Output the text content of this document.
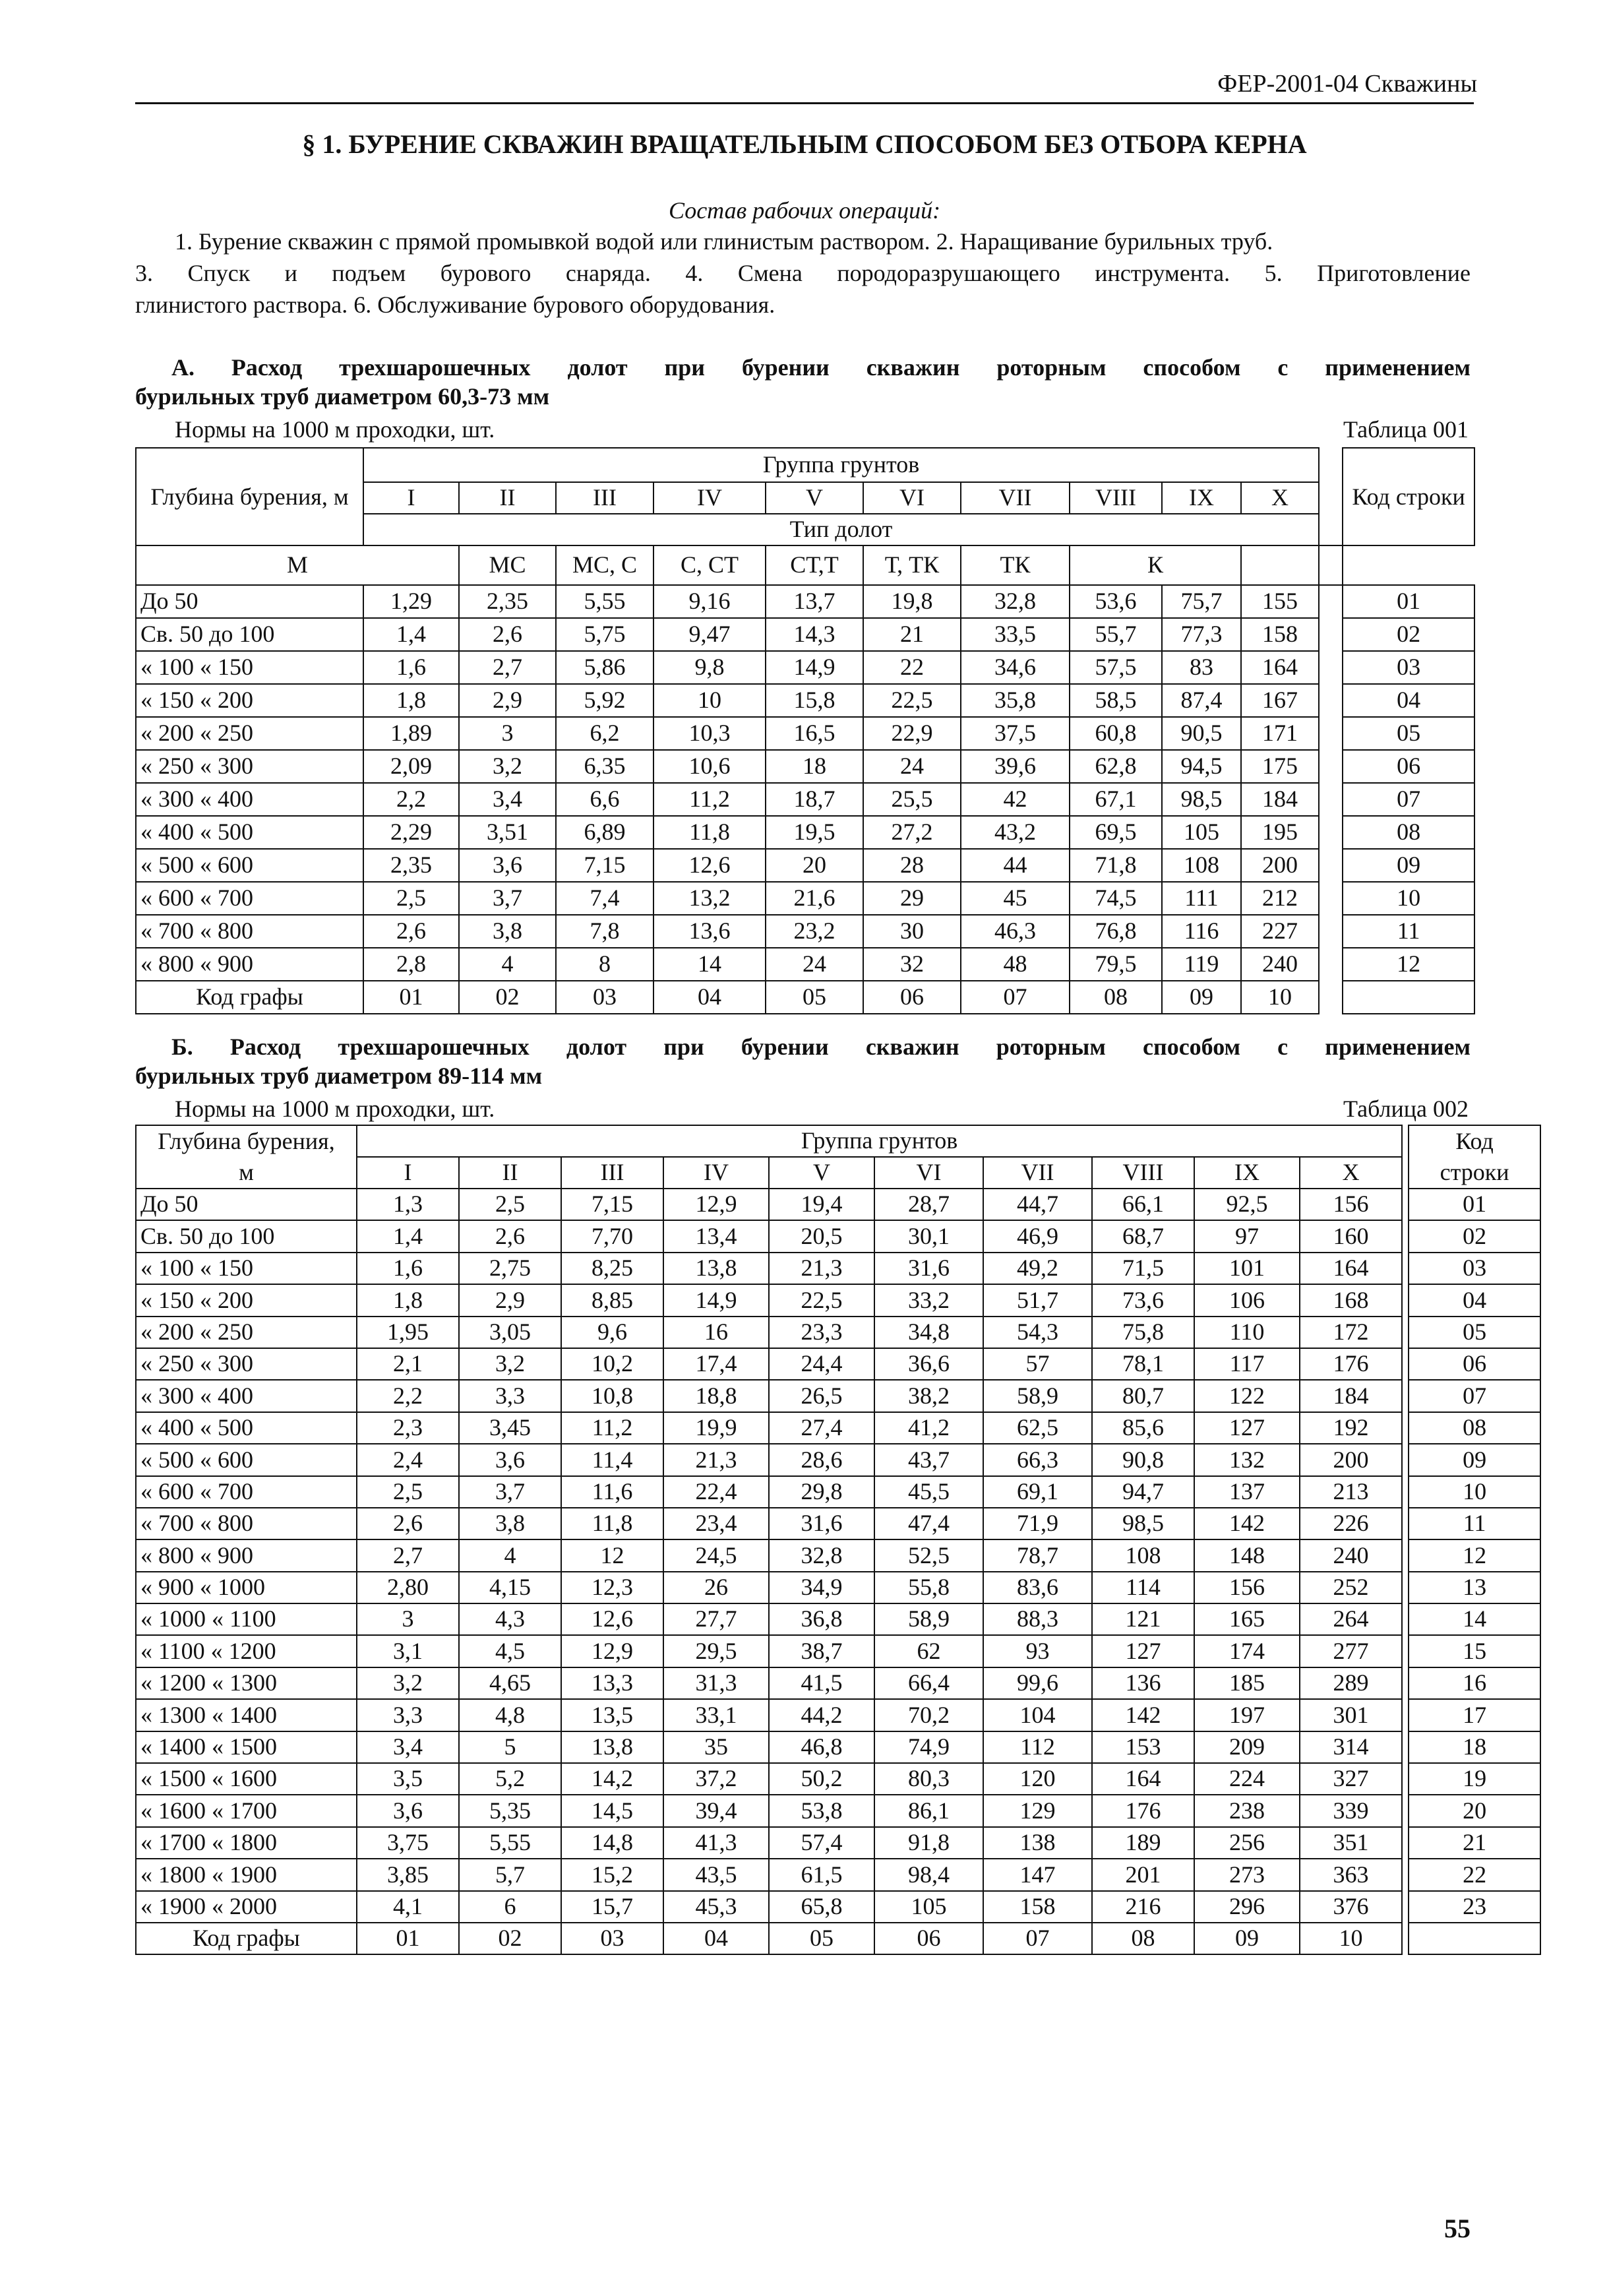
ФЕР-2001-04 Скважины
§ 1. БУРЕНИЕ СКВАЖИН ВРАЩАТЕЛЬНЫМ СПОСОБОМ БЕЗ ОТБОРА КЕРНА
Состав рабочих операций:

1. Бурение скважин с прямой промывкой водой или глинистым раствором. 2. Наращивание бурильных труб.

3. Спуск и подъем бурового снаряда. 4. Смена породоразрушающего инструмента. 5. Приготовление

глинистого раствора. 6. Обслуживание бурового оборудования.

А. Расход трехшарошечных долот при бурении скважин роторным способом с применением
бурильных труб диаметром 60,3-73 мм
Нормы на 1000 м проходки, шт.	Таблица 001
Глубина бурения, м	Группа грунтов											Код строки
	I	II	III	IV	V	VI	VII	VIII	IX	X		
	Тип долот											
М		МС	МС, С	С, СТ	СТ,Т	Т, ТК	ТК	К				
До 50	1,29	2,35	5,55	9,16	13,7	19,8	32,8	53,6	75,7	155		01
Св. 50 до 100	1,4	2,6	5,75	9,47	14,3	21	33,5	55,7	77,3	158		02
« 100 « 150	1,6	2,7	5,86	9,8	14,9	22	34,6	57,5	83	164		03
« 150 « 200	1,8	2,9	5,92	10	15,8	22,5	35,8	58,5	87,4	167		04
« 200 « 250	1,89	3	6,2	10,3	16,5	22,9	37,5	60,8	90,5	171		05
« 250 « 300	2,09	3,2	6,35	10,6	18	24	39,6	62,8	94,5	175		06
« 300 « 400	2,2	3,4	6,6	11,2	18,7	25,5	42	67,1	98,5	184		07
« 400 « 500	2,29	3,51	6,89	11,8	19,5	27,2	43,2	69,5	105	195		08
« 500 « 600	2,35	3,6	7,15	12,6	20	28	44	71,8	108	200		09
« 600 « 700	2,5	3,7	7,4	13,2	21,6	29	45	74,5	111	212		10
« 700 « 800	2,6	3,8	7,8	13,6	23,2	30	46,3	76,8	116	227		11
« 800 « 900	2,8	4	8	14	24	32	48	79,5	119	240		12
Код графы	01	02	03	04	05	06	07	08	09	10		
Б. Расход трехшарошечных долот при бурении скважин роторным способом с применением
бурильных труб диаметром 89-114 мм
Нормы на 1000 м проходки, шт.	Таблица 002
Глубина бурения,	Группа грунтов											Код
м	I	II	III	IV	V	VI	VII	VIII	IX	X		строки
До 50	1,3	2,5	7,15	12,9	19,4	28,7	44,7	66,1	92,5	156		01
Св. 50 до 100	1,4	2,6	7,70	13,4	20,5	30,1	46,9	68,7	97	160		02
« 100 « 150	1,6	2,75	8,25	13,8	21,3	31,6	49,2	71,5	101	164		03
« 150 « 200	1,8	2,9	8,85	14,9	22,5	33,2	51,7	73,6	106	168		04
« 200 « 250	1,95	3,05	9,6	16	23,3	34,8	54,3	75,8	110	172		05
« 250 « 300	2,1	3,2	10,2	17,4	24,4	36,6	57	78,1	117	176		06
« 300 « 400	2,2	3,3	10,8	18,8	26,5	38,2	58,9	80,7	122	184		07
« 400 « 500	2,3	3,45	11,2	19,9	27,4	41,2	62,5	85,6	127	192		08
« 500 « 600	2,4	3,6	11,4	21,3	28,6	43,7	66,3	90,8	132	200		09
« 600 « 700	2,5	3,7	11,6	22,4	29,8	45,5	69,1	94,7	137	213		10
« 700 « 800	2,6	3,8	11,8	23,4	31,6	47,4	71,9	98,5	142	226		11
« 800 « 900	2,7	4	12	24,5	32,8	52,5	78,7	108	148	240		12
« 900 « 1000	2,80	4,15	12,3	26	34,9	55,8	83,6	114	156	252		13
« 1000 « 1100	3	4,3	12,6	27,7	36,8	58,9	88,3	121	165	264		14
« 1100 « 1200	3,1	4,5	12,9	29,5	38,7	62	93	127	174	277		15
« 1200 « 1300	3,2	4,65	13,3	31,3	41,5	66,4	99,6	136	185	289		16
« 1300 « 1400	3,3	4,8	13,5	33,1	44,2	70,2	104	142	197	301		17
« 1400 « 1500	3,4	5	13,8	35	46,8	74,9	112	153	209	314		18
« 1500 « 1600	3,5	5,2	14,2	37,2	50,2	80,3	120	164	224	327		19
« 1600 « 1700	3,6	5,35	14,5	39,4	53,8	86,1	129	176	238	339		20
« 1700 « 1800	3,75	5,55	14,8	41,3	57,4	91,8	138	189	256	351		21
« 1800 « 1900	3,85	5,7	15,2	43,5	61,5	98,4	147	201	273	363		22
« 1900 « 2000	4,1	6	15,7	45,3	65,8	105	158	216	296	376		23
Код графы	01	02	03	04	05	06	07	08	09	10		
55
